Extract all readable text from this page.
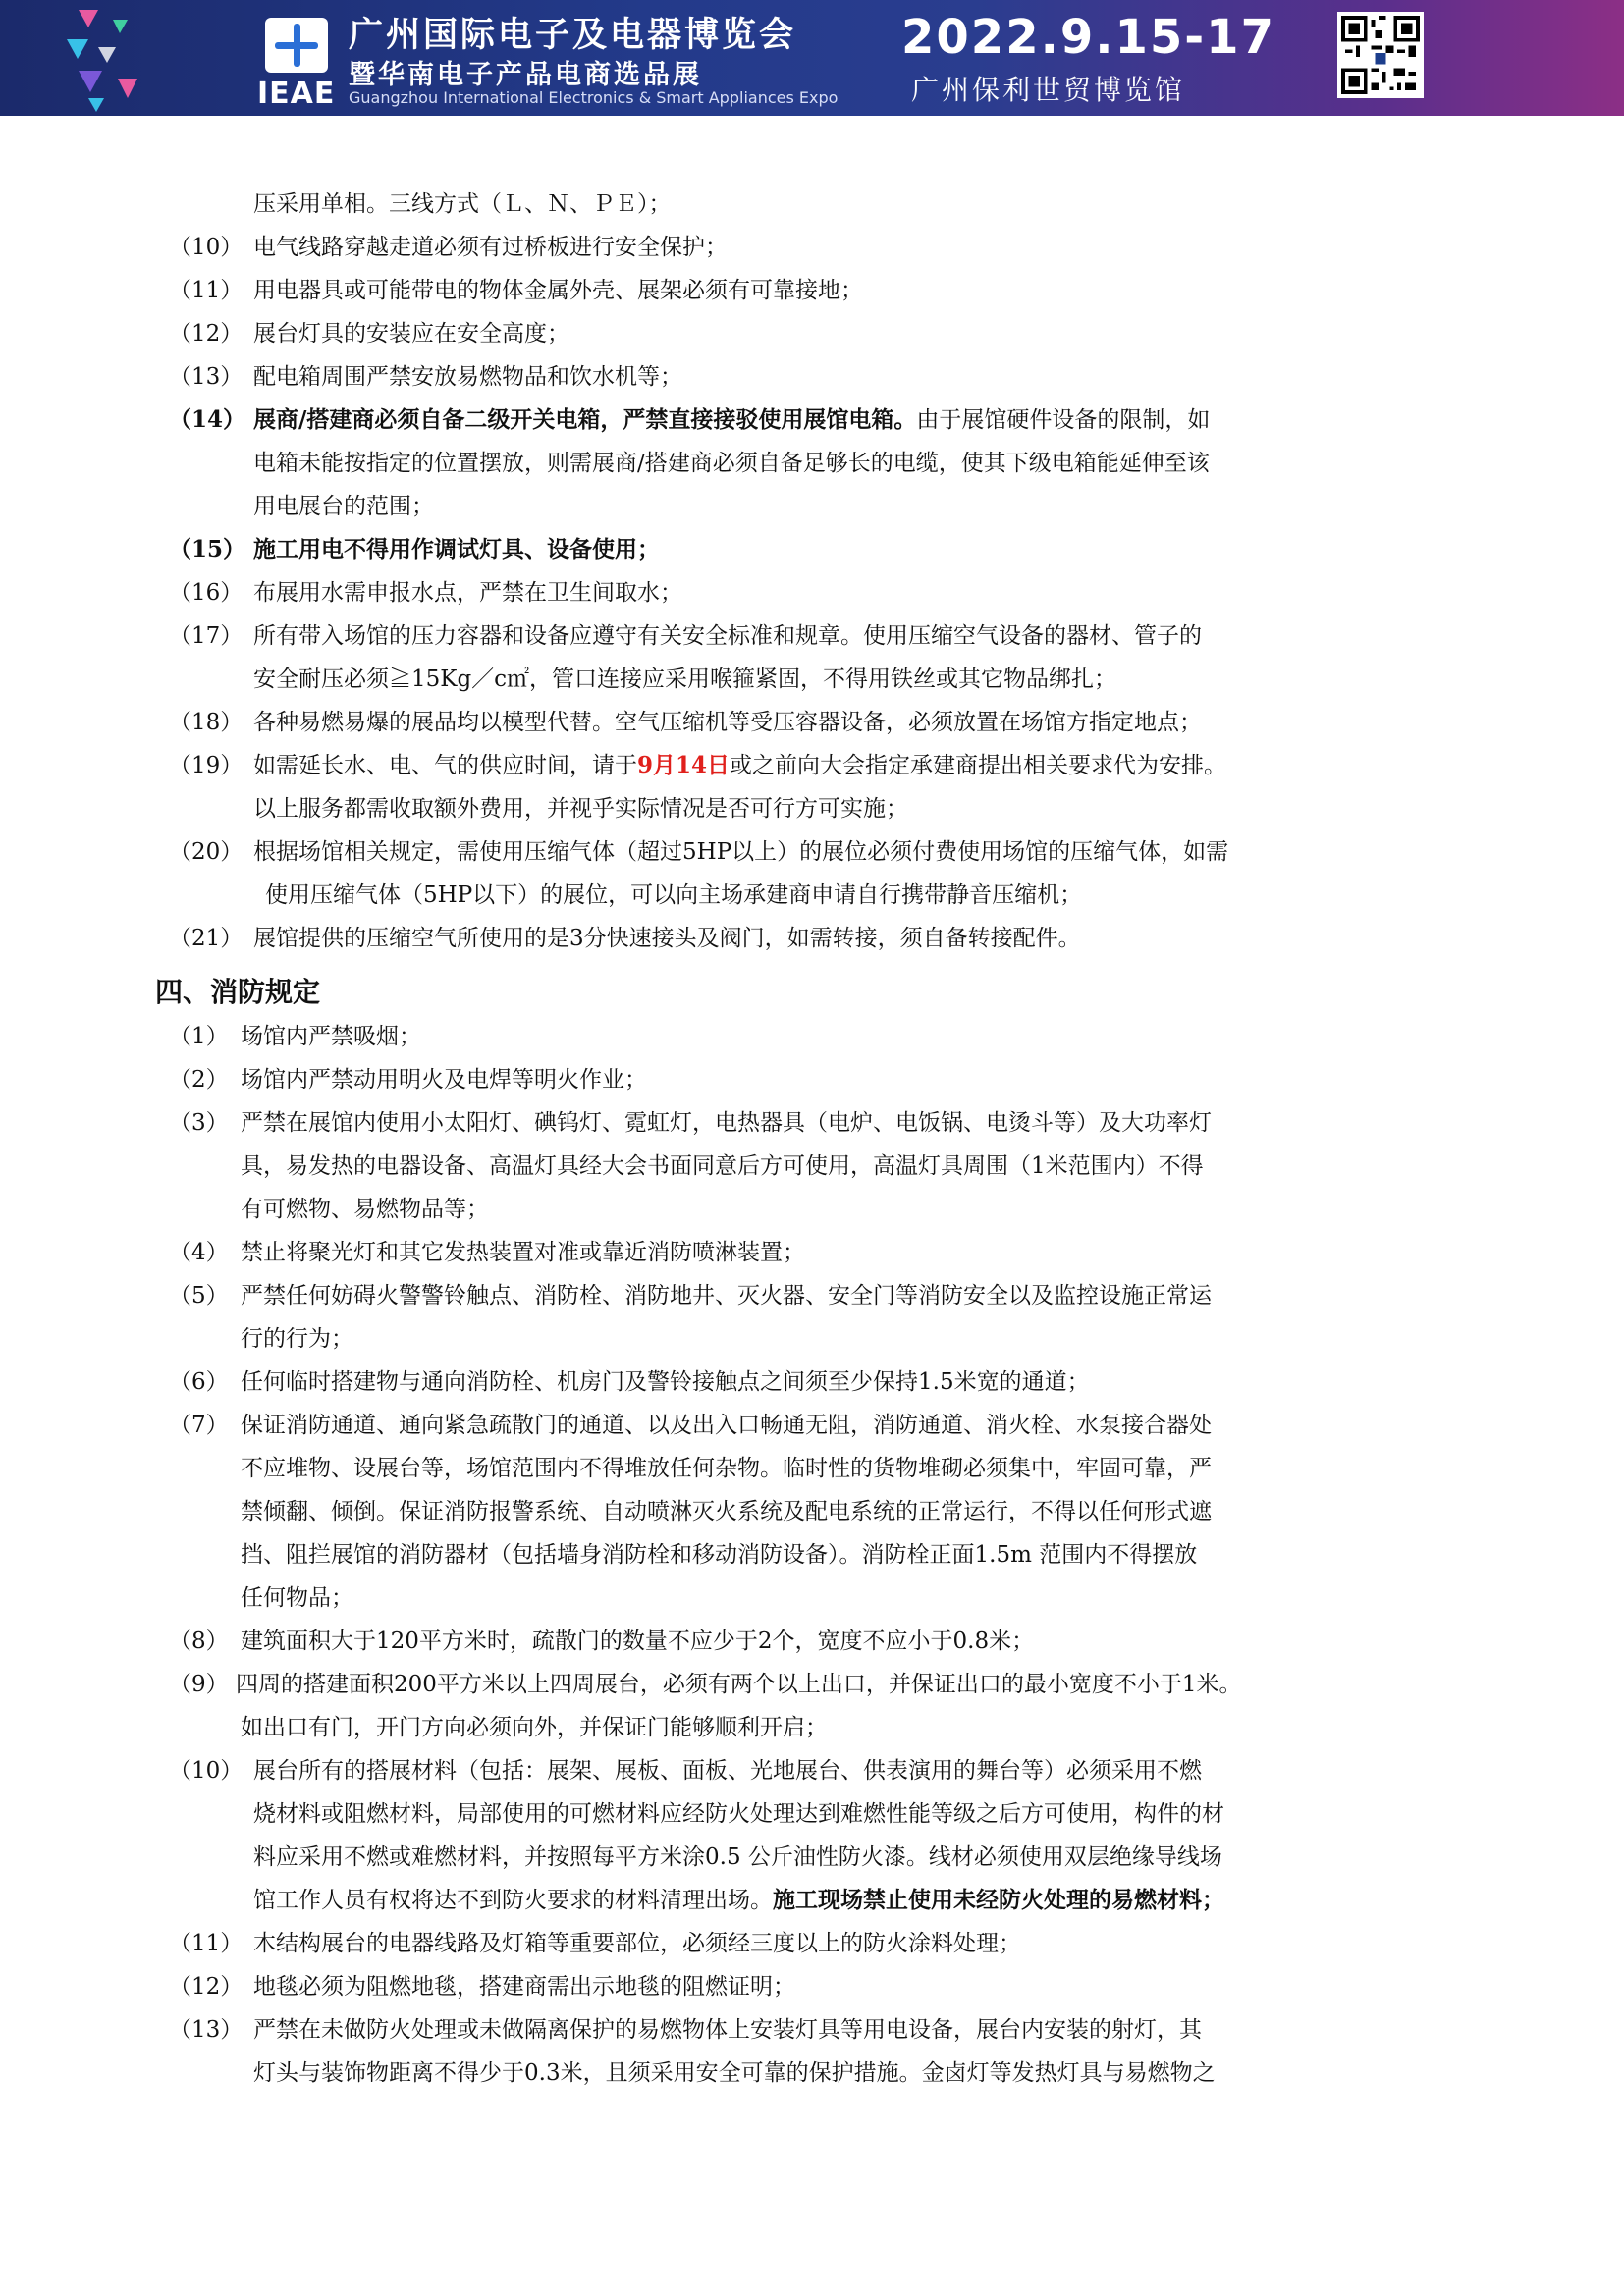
IEAE
广州国际电子及电器博览会
暨华南电子产品电商选品展
Guangzhou International Electronics & Smart Appliances Expo
2022.9.15-17
广州保利世贸博览馆
压采用单相。三线方式（Ｌ、Ｎ、ＰＥ）；
（10） 电气线路穿越走道必须有过桥板进行安全保护；
（11） 用电器具或可能带电的物体金属外壳、展架必须有可靠接地；
（12） 展台灯具的安装应在安全高度；
（13） 配电箱周围严禁安放易燃物品和饮水机等；
（14） 展商/搭建商必须自备二级开关电箱，严禁直接接驳使用展馆电箱。由于展馆硬件设备的限制，如
电箱未能按指定的位置摆放，则需展商/搭建商必须自备足够长的电缆，使其下级电箱能延伸至该
用电展台的范围；
（15） 施工用电不得用作调试灯具、设备使用；
（16） 布展用水需申报水点，严禁在卫生间取水；
（17） 所有带入场馆的压力容器和设备应遵守有关安全标准和规章。使用压缩空气设备的器材、管子的
安全耐压必须≧15Kg／c㎡，管口连接应采用喉箍紧固，不得用铁丝或其它物品绑扎；
（18） 各种易燃易爆的展品均以模型代替。空气压缩机等受压容器设备，必须放置在场馆方指定地点；
（19） 如需延长水、电、气的供应时间，请于9月14日或之前向大会指定承建商提出相关要求代为安排。
以上服务都需收取额外费用，并视乎实际情况是否可行方可实施；
（20） 根据场馆相关规定，需使用压缩气体（超过5HP以上）的展位必须付费使用场馆的压缩气体，如需
使用压缩气体（5HP以下）的展位，可以向主场承建商申请自行携带静音压缩机；
（21） 展馆提供的压缩空气所使用的是3分快速接头及阀门，如需转接，须自备转接配件。
四、消防规定
（1） 场馆内严禁吸烟；
（2） 场馆内严禁动用明火及电焊等明火作业；
（3） 严禁在展馆内使用小太阳灯、碘钨灯、霓虹灯，电热器具（电炉、电饭锅、电烫斗等）及大功率灯
具，易发热的电器设备、高温灯具经大会书面同意后方可使用，高温灯具周围（1米范围内）不得
有可燃物、易燃物品等；
（4） 禁止将聚光灯和其它发热装置对准或靠近消防喷淋装置；
（5） 严禁任何妨碍火警警铃触点、消防栓、消防地井、灭火器、安全门等消防安全以及监控设施正常运
行的行为；
（6） 任何临时搭建物与通向消防栓、机房门及警铃接触点之间须至少保持1.5米宽的通道；
（7） 保证消防通道、通向紧急疏散门的通道、以及出入口畅通无阻，消防通道、消火栓、水泵接合器处
不应堆物、设展台等，场馆范围内不得堆放任何杂物。临时性的货物堆砌必须集中，牢固可靠，严
禁倾翻、倾倒。保证消防报警系统、自动喷淋灭火系统及配电系统的正常运行，不得以任何形式遮
挡、阻拦展馆的消防器材（包括墙身消防栓和移动消防设备）。消防栓正面1.5m 范围内不得摆放
任何物品；
（8） 建筑面积大于120平方米时，疏散门的数量不应少于2个，宽度不应小于0.8米；
（9） 四周的搭建面积200平方米以上四周展台，必须有两个以上出口，并保证出口的最小宽度不小于1米。
如出口有门，开门方向必须向外，并保证门能够顺利开启；
（10） 展台所有的搭展材料（包括：展架、展板、面板、光地展台、供表演用的舞台等）必须采用不燃
烧材料或阻燃材料，局部使用的可燃材料应经防火处理达到难燃性能等级之后方可使用，构件的材
料应采用不燃或难燃材料，并按照每平方米涂0.5 公斤油性防火漆。线材必须使用双层绝缘导线场
馆工作人员有权将达不到防火要求的材料清理出场。施工现场禁止使用未经防火处理的易燃材料；
（11） 木结构展台的电器线路及灯箱等重要部位，必须经三度以上的防火涂料处理；
（12） 地毯必须为阻燃地毯，搭建商需出示地毯的阻燃证明；
（13） 严禁在未做防火处理或未做隔离保护的易燃物体上安装灯具等用电设备，展台内安装的射灯，其
灯头与装饰物距离不得少于0.3米，且须采用安全可靠的保护措施。金卤灯等发热灯具与易燃物之
